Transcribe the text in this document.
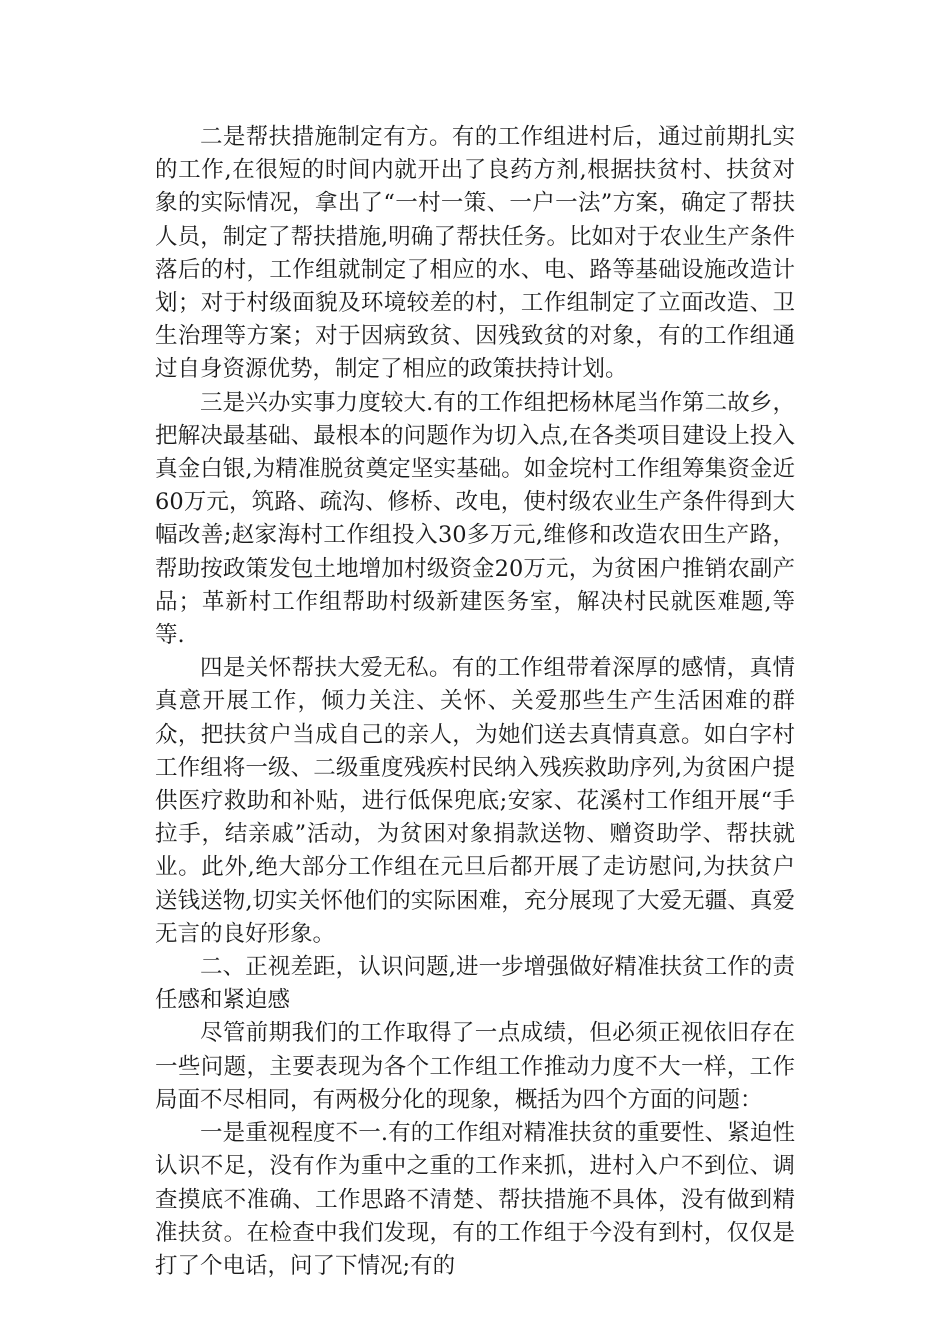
二是帮扶措施制定有方。有的工作组进村后，通过前期扎实的工作,在很短的时间内就开出了良药方剂,根据扶贫村、扶贫对象的实际情况，拿出了“一村一策、一户一法”方案，确定了帮扶人员，制定了帮扶措施,明确了帮扶任务。比如对于农业生产条件落后的村，工作组就制定了相应的水、电、路等基础设施改造计划；对于村级面貌及环境较差的村，工作组制定了立面改造、卫生治理等方案；对于因病致贫、因残致贫的对象，有的工作组通过自身资源优势，制定了相应的政策扶持计划。

三是兴办实事力度较大.有的工作组把杨林尾当作第二故乡，把解决最基础、最根本的问题作为切入点,在各类项目建设上投入真金白银,为精准脱贫奠定坚实基础。如金垸村工作组筹集资金近60万元，筑路、疏沟、修桥、改电，使村级农业生产条件得到大幅改善;赵家海村工作组投入30多万元,维修和改造农田生产路，帮助按政策发包土地增加村级资金20万元，为贫困户推销农副产品；革新村工作组帮助村级新建医务室，解决村民就医难题,等等.

四是关怀帮扶大爱无私。有的工作组带着深厚的感情，真情真意开展工作，倾力关注、关怀、关爱那些生产生活困难的群众，把扶贫户当成自己的亲人，为她们送去真情真意。如白字村工作组将一级、二级重度残疾村民纳入残疾救助序列,为贫困户提供医疗救助和补贴，进行低保兜底;安家、花溪村工作组开展“手拉手，结亲戚”活动，为贫困对象捐款送物、赠资助学、帮扶就业。此外,绝大部分工作组在元旦后都开展了走访慰问,为扶贫户送钱送物,切实关怀他们的实际困难，充分展现了大爱无疆、真爱无言的良好形象。

二、正视差距，认识问题,进一步增强做好精准扶贫工作的责任感和紧迫感

尽管前期我们的工作取得了一点成绩，但必须正视依旧存在一些问题，主要表现为各个工作组工作推动力度不大一样，工作局面不尽相同，有两极分化的现象，概括为四个方面的问题：

一是重视程度不一.有的工作组对精准扶贫的重要性、紧迫性认识不足，没有作为重中之重的工作来抓，进村入户不到位、调查摸底不准确、工作思路不清楚、帮扶措施不具体，没有做到精准扶贫。在检查中我们发现，有的工作组于今没有到村，仅仅是打了个电话，问了下情况;有的
